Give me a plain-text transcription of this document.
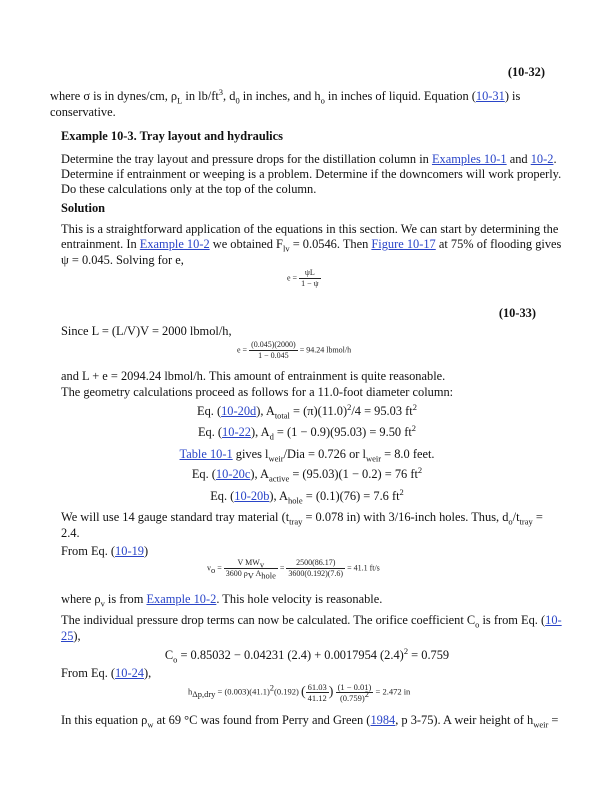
(10-32)
where σ is in dynes/cm, $\rho_L$ in $lb/ft^3$, $d_0$ in inches, and $h_o$ in inches of liquid. Equation (10-31) is
conservative.
Example 10-3. Tray layout and hydraulics
Determine the tray layout and pressure drops for the distillation column in Examples 10-1 and 10-2.
Determine if entrainment or weeping is a problem. Determine if the downcomers will work properly.
Do these calculations only at the top of the column.
Solution
This is a straightforward application of the equations in this section. We can start by determining the
entrainment. In Example 10-2 we obtained $F_{lv} = 0.0546$. Then Figure 10-17 at 75% of flooding gives
ψ = 0.045. Solving for e,
$e = \frac{\psi L}{1 - \psi}$
(10-33)
Since L = (L/V)V = 2000 lbmol/h,
$e = \frac{(0.045)(2000)}{1 - 0.045} = 94.24$ lbmol/h
and L + e = 2094.24 lbmol/h. This amount of entrainment is quite reasonable.
The geometry calculations proceed as follows for a 11.0-foot diameter column:
Eq. (10-20d), $A_{total} = (\pi)(11.0)^2/4 = 95.03$ $ft^2$
Eq. (10-22), $A_d = (1 - 0.9)(95.03) = 9.50$ $ft^2$
Table 10-1 gives $l_{weir}$/Dia = 0.726 or $l_{weir} = 8.0$ feet.
Eq. (10-20c), $A_{active} = (95.03)(1 - 0.2) = 76$ $ft^2$
Eq. (10-20b), $A_{hole} = (0.1)(76) = 7.6$ $ft^2$
We will use 14 gauge standard tray material ($t_{tray} = 0.078$ in) with 3/16-inch holes. Thus, $d_o/t_{tray}$ =
2.4.
From Eq. (10-19)
$v_o = \frac{V MW_v}{3600 \rho_V A_{hole}} = \frac{2500(86.17)}{3600(0.192)(7.6)} = 41.1$ ft/s
where $\rho_v$ is from Example 10-2. This hole velocity is reasonable.
The individual pressure drop terms can now be calculated. The orifice coefficient $C_o$ is from Eq. (10-
25),
$C_o = 0.85032 - 0.04231$ (2.4) + 0.0017954 $(2.4)^2 = 0.759$
From Eq. (10-24),
$h_{\Delta p,dry} = (0.003)(41.1)^2(0.192)$ ( $\frac{61.03}{41.12}$ ) $\frac{(1 - 0.01)}{(0.759)^2} = 2.472$ in
In this equation $\rho_w$ at 69 °C was found from Perry and Green (1984, p 3-75). A weir height of $h_{weir}$ =
